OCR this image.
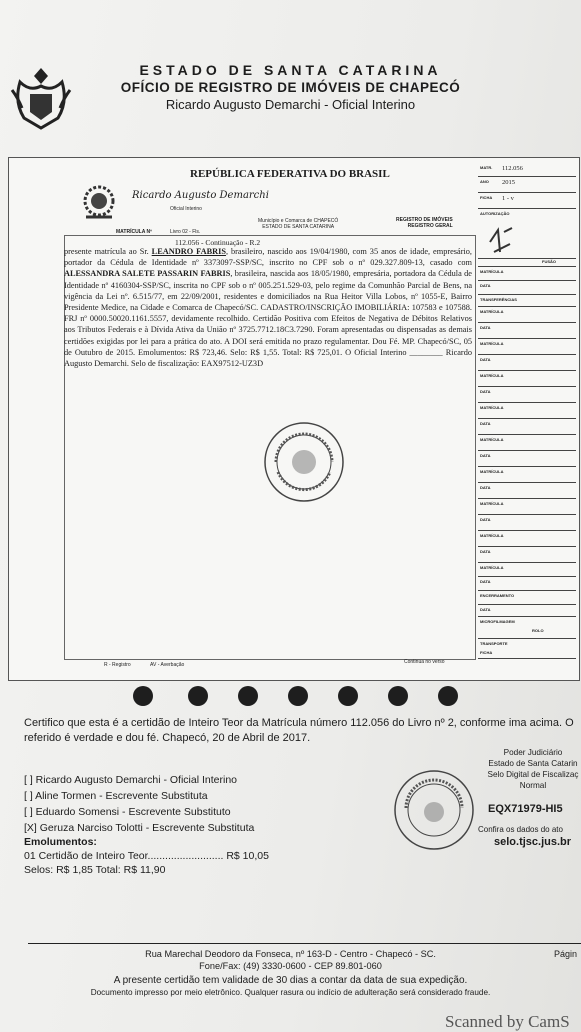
ESTADO DE SANTA CATARINA
OFÍCIO DE REGISTRO DE IMÓVEIS DE CHAPECÓ
Ricardo Augusto Demarchi - Oficial Interino
REPÚBLICA FEDERATIVA DO BRASIL
Ricardo Augusto Demarchi
Oficial Interino
MATRÍCULA Nº	Livro 02 - Fls.
Município e Comarca de CHAPECÓ
ESTADO DE SANTA CATARINA
REGISTRO DE IMÓVEIS
REGISTRO GERAL
112.056 - Continuação - R.2
presente matrícula ao Sr. LEANDRO FABRIS, brasileiro, nascido aos 19/04/1980, com 35 anos de idade, empresário, portador da Cédula de Identidade nº 3373097-SSP/SC, inscrito no CPF sob o nº 029.327.809-13, casado com ALESSANDRA SALETE PASSARIN FABRIS, brasileira, nascida aos 18/05/1980, empresária, portadora da Cédula de Identidade nº 4160304-SSP/SC, inscrita no CPF sob o nº 005.251.529-03, pelo regime da Comunhão Parcial de Bens, na vigência da Lei nº. 6.515/77, em 22/09/2001, residentes e domiciliados na Rua Heitor Villa Lobos, nº 1055-E, Bairro Presidente Medice, na Cidade e Comarca de Chapecó/SC. CADASTRO/INSCRIÇÃO IMOBILIÁRIA: 107583 e 107588. FRJ nº 0000.50020.1161.5557, devidamente recolhido. Certidão Positiva com Efeitos de Negativa de Débitos Relativos aos Tributos Federais e à Dívida Ativa da União nº 3725.7712.18C3.7290. Foram apresentadas ou dispensadas as demais certidões exigidas por lei para a prática do ato. A DOI será emitida no prazo regulamentar. Dou Fé. MP. Chapecó/SC, 05 de Outubro de 2015. Emolumentos: R$ 723,46. Selo: R$ 1,55. Total: R$ 725,01. O Oficial Interino ________ Ricardo Augusto Demarchi. Selo de fiscalização: EAX97512-UZ3D
R - Registro	AV - Averbação	Continua no verso
MATR. 112.056
ANO 2015
FICHA 1 - v
AUTORIZAÇÃO
FUSÃO
MATRÍCULA
DATA
TRANSFERÊNCIAS
MATRÍCULA
DATA
MATRÍCULA
DATA
MATRÍCULA
DATA
MATRÍCULA
DATA
MATRÍCULA
DATA
MATRÍCULA
DATA
MATRÍCULA
DATA
MATRÍCULA
DATA
MATRÍCULA
DATA
ENCERRAMENTO
DATA
MICROFILMAGEM
ROLO
TRANSPORTE
FICHA
Certifico que esta é a certidão de Inteiro Teor da Matrícula número 112.056 do Livro nº 2, conforme ima acima. O referido é verdade e dou fé. Chapecó, 20 de Abril de 2017.
[ ] Ricardo Augusto Demarchi - Oficial Interino
[ ] Aline Tormen - Escrevente Substituta
[ ] Eduardo Somensi - Escrevente Substituto
[X] Geruza Narciso Tolotti - Escrevente Substituta
Emolumentos:
01 Certidão de Inteiro Teor.......................... R$ 10,05
Selos: R$ 1,85 Total: R$ 11,90
Poder Judiciário
Estado de Santa Catarin
Selo Digital de Fiscalizaç
Normal
EQX71979-HI5
Confira os dados do ato
selo.tjsc.jus.br
Rua Marechal Deodoro da Fonseca, nº 163-D - Centro - Chapecó - SC.	Págin
Fone/Fax: (49) 3330-0600 - CEP 89.801-060
A presente certidão tem validade de 30 dias a contar da data de sua expedição.
Documento impresso por meio eletrônico. Qualquer rasura ou indício de adulteração será considerado fraude.
Scanned by CamS
